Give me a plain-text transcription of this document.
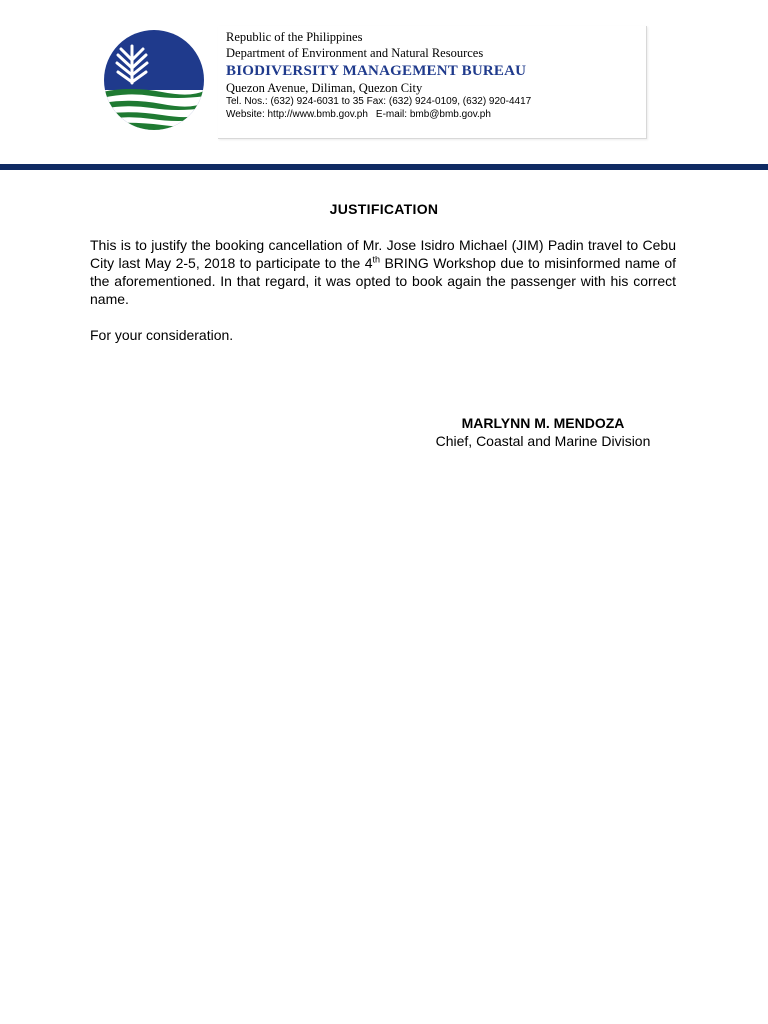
Republic of the Philippines
Department of Environment and Natural Resources
BIODIVERSITY MANAGEMENT BUREAU
Quezon Avenue, Diliman, Quezon City
Tel. Nos.: (632) 924-6031 to 35 Fax: (632) 924-0109, (632) 920-4417
Website: http://www.bmb.gov.ph E-mail: bmb@bmb.gov.ph
JUSTIFICATION
This is to justify the booking cancellation of Mr. Jose Isidro Michael (JIM) Padin travel to Cebu City last May 2-5, 2018 to participate to the 4th BRING Workshop due to misinformed name of the aforementioned. In that regard, it was opted to book again the passenger with his correct name.
For your consideration.
MARLYNN M. MENDOZA
Chief, Coastal and Marine Division
